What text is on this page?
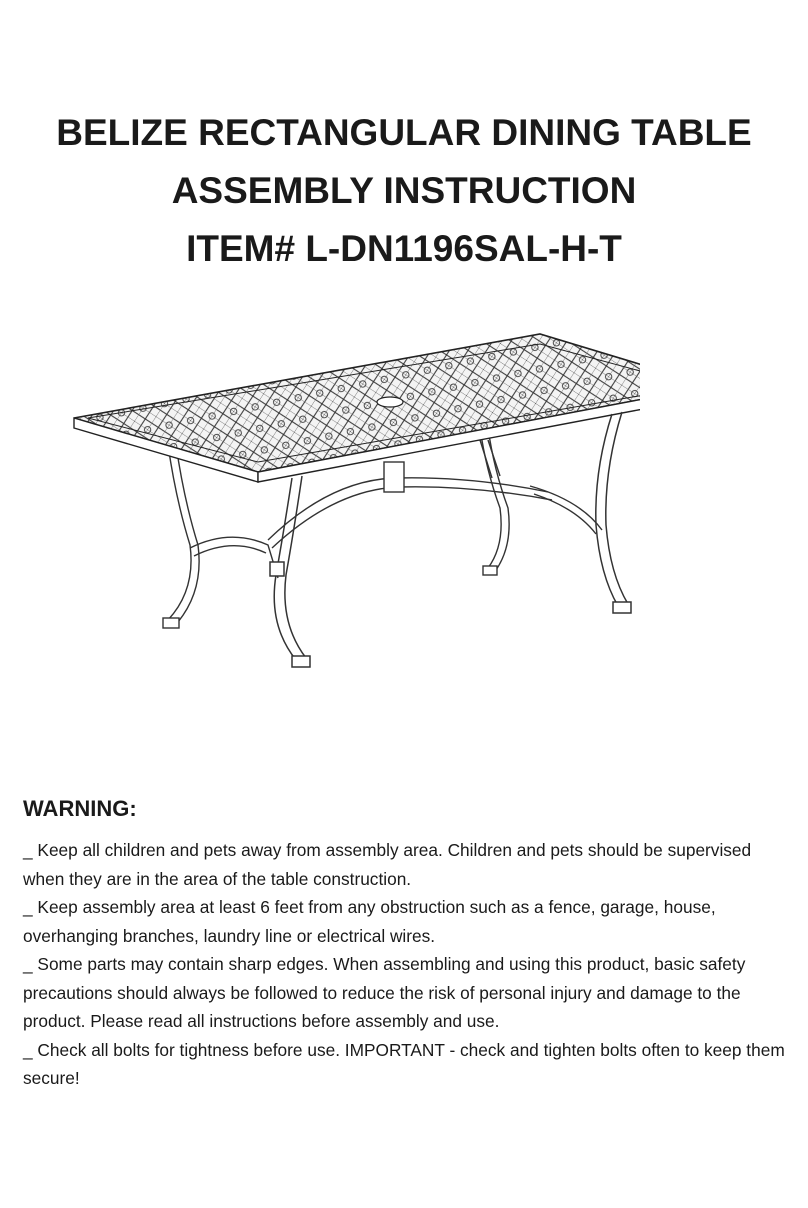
BELIZE RECTANGULAR DINING TABLE
ASSEMBLY INSTRUCTION
ITEM# L-DN1196SAL-H-T
WARNING:

_ Keep all children and pets away from assembly area. Children and pets should be supervised when they are in the area of the table construction.

_ Keep assembly area at least 6 feet from any obstruction such as a fence, garage, house, overhanging branches, laundry line or electrical wires.

_ Some parts may contain sharp edges. When assembling and using this product, basic safety precautions should always be followed to reduce the risk of personal injury and damage to the product. Please read all instructions before assembly and use.

_ Check all bolts for tightness before use. IMPORTANT - check and tighten bolts often to keep them secure!
